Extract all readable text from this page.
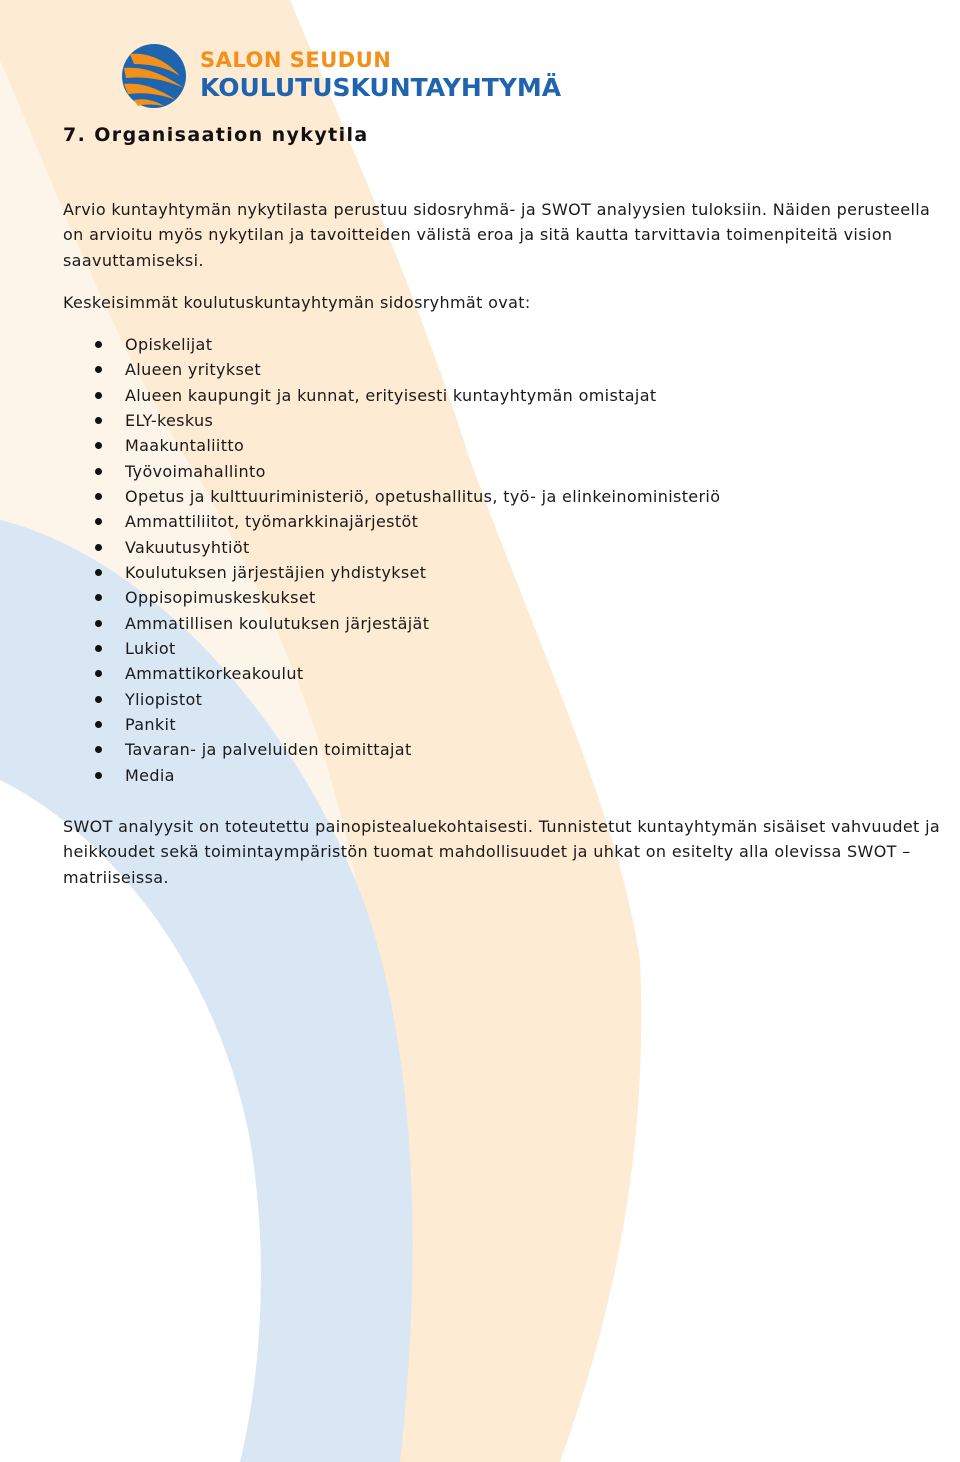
SALON SEUDUN
KOULUTUSKUNTAYHTYMÄ
7. Organisaation nykytila

Arvio kuntayhtymän nykytilasta perustuu sidosryhmä- ja SWOT analyysien tuloksiin. Näiden perusteella on arvioitu myös nykytilan ja tavoitteiden välistä eroa ja sitä kautta tarvittavia toimenpiteitä vision saavuttamiseksi.

Keskeisimmät koulutuskuntayhtymän sidosryhmät ovat:

Opiskelijat
Alueen yritykset
Alueen kaupungit ja kunnat, erityisesti kuntayhtymän omistajat
ELY-keskus
Maakuntaliitto
Työvoimahallinto
Opetus ja kulttuuriministeriö, opetushallitus, työ- ja elinkeinoministeriö
Ammattiliitot, työmarkkinajärjestöt
Vakuutusyhtiöt
Koulutuksen järjestäjien yhdistykset
Oppisopimuskeskukset
Ammatillisen koulutuksen järjestäjät
Lukiot
Ammattikorkeakoulut
Yliopistot
Pankit
Tavaran- ja palveluiden toimittajat
Media

SWOT analyysit on toteutettu painopistealuekohtaisesti. Tunnistetut kuntayhtymän sisäiset vahvuudet ja heikkoudet sekä toimintaympäristön tuomat mahdollisuudet ja uhkat on esitelty alla olevissa SWOT –matriiseissa.
